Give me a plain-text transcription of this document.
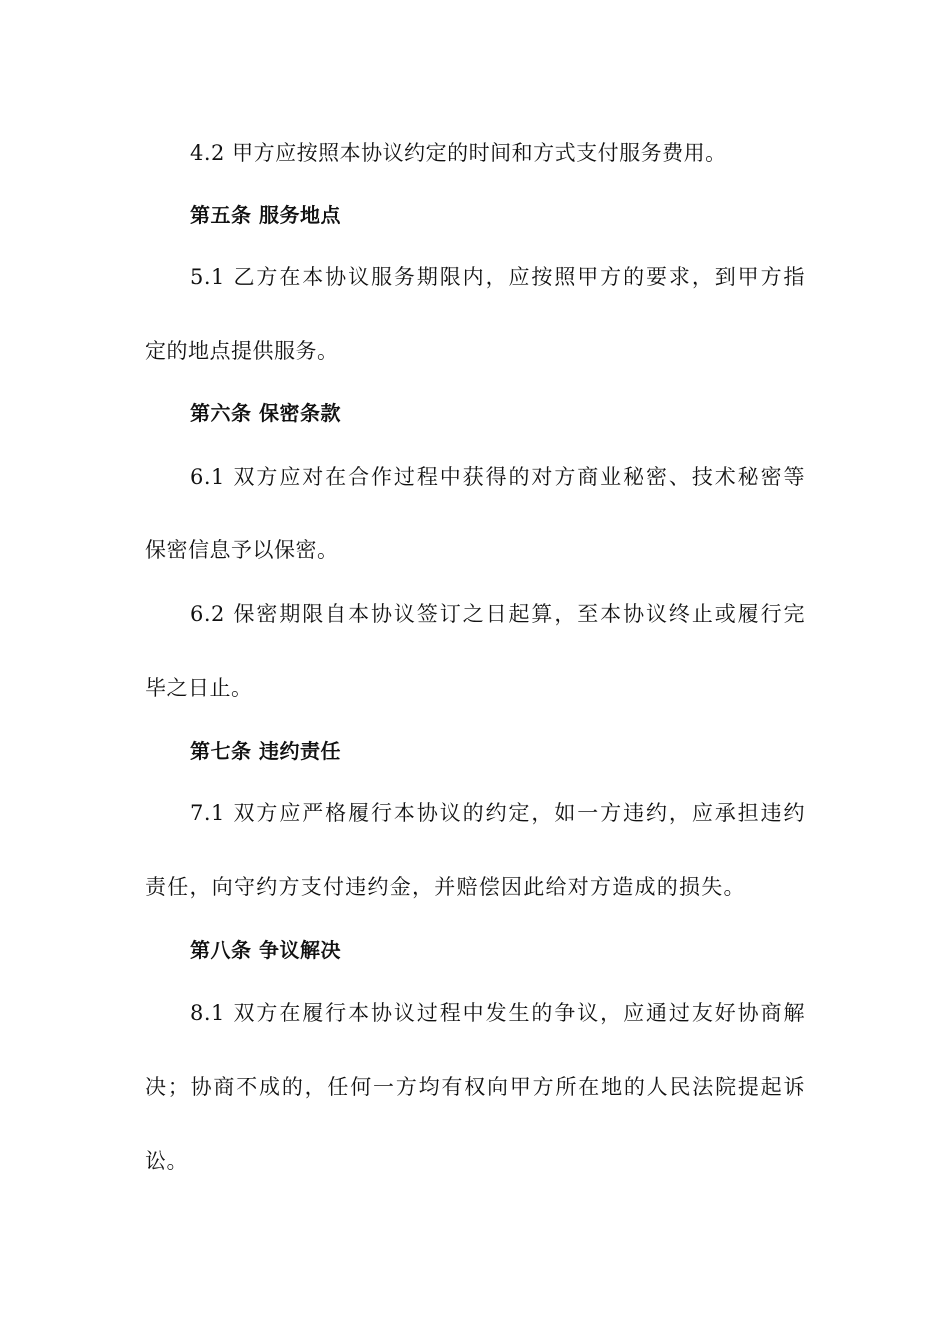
4.2 甲方应按照本协议约定的时间和方式支付服务费用。
第五条 服务地点
5.1 乙方在本协议服务期限内，应按照甲方的要求，到甲方指
定的地点提供服务。
第六条 保密条款
6.1 双方应对在合作过程中获得的对方商业秘密、技术秘密等
保密信息予以保密。
6.2 保密期限自本协议签订之日起算，至本协议终止或履行完
毕之日止。
第七条 违约责任
7.1 双方应严格履行本协议的约定，如一方违约，应承担违约
责任，向守约方支付违约金，并赔偿因此给对方造成的损失。
第八条 争议解决
8.1 双方在履行本协议过程中发生的争议，应通过友好协商解
决；协商不成的，任何一方均有权向甲方所在地的人民法院提起诉
讼。
